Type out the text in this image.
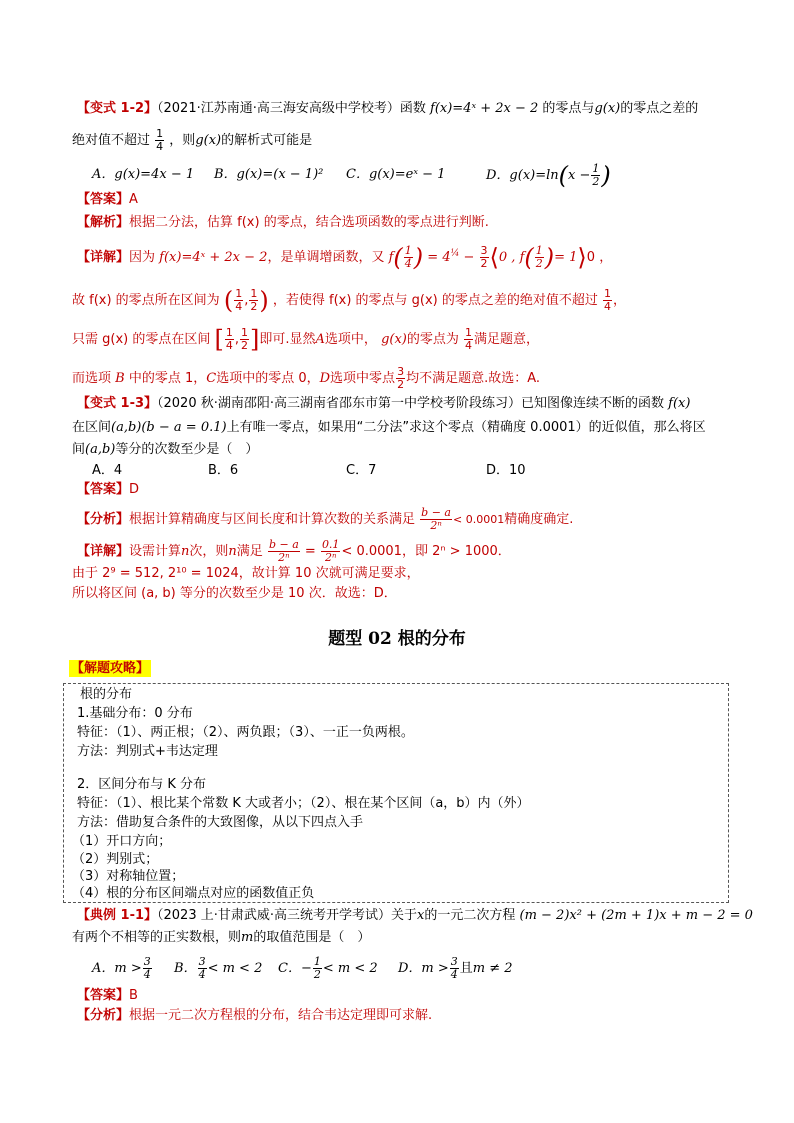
【变式 1-2】（2021·江苏南通·高三海安高级中学校考）函数 f(x)=4ˣ + 2x − 2 的零点与g(x)的零点之差的
绝对值不超过 $\frac{1}{4}$ ，则g(x)的解析式可能是
A．g(x)=4x − 1 B．g(x)=(x − 1)² C．g(x)=eˣ − 1	D．$g(x)=\ln(x - \frac{1}{2}$ )
【答案】A
【解析】根据二分法，估算 f(x) 的零点，结合选项函数的零点进行判断.
【详解】因为 f(x)=4ˣ + 2x − 2，是单调增函数，又 $f( \frac{1}{4}$ ) = $4^{\frac{1}{4}} - \frac{3}{2}$ ⟨0 , $f( \frac{1}{2}$ )= 1⟩0 ，
故 f(x) 的零点所在区间为 ( $\frac{1}{4}$ , $\frac{1}{2}$ ) ，若使得 f(x) 的零点与 g(x) 的零点之差的绝对值不超过 $\frac{1}{4}$ ，
只需 g(x) 的零点在区间 [ $\frac{1}{4}$ , $\frac{1}{2}$ ]即可.显然A选项中， g(x)的零点为 $\frac{1}{4}$ 满足题意，
而选项 B 中的零点 1，C选项中的零点 0，D选项中零点 $\frac{3}{2}$ 均不满足题意.故选：A.
【变式 1-3】（2020 秋·湖南邵阳·高三湖南省邵东市第一中学校考阶段练习）已知图像连续不断的函数 f(x)
在区间(a,b)(b − a = 0.1)上有唯一零点，如果用“二分法”求这个零点（精确度 0.0001）的近似值，那么将区
间(a,b)等分的次数至少是（　）
A．4	B．6	C．7	D．10
【答案】D
【分析】根据计算精确度与区间长度和计算次数的关系满足 $\frac{b - a}{\text{2ⁿ}} < 0.0001$精确度确定.
【详解】设需计算n次，则n满足 $\frac{b - a}{\text{2ⁿ}} = \frac{0.1}{\text{2ⁿ}} < 0.0001$，即 2ⁿ > 1000．
由于 2⁹ = 512, 2¹⁰ = 1024，故计算 10 次就可满足要求，
所以将区间 (a, b) 等分的次数至少是 10 次．故选：D．
题型 02 根的分布
【解题攻略】
根的分布
1.基础分布：0 分布
特征：（1）、两正根；（2）、两负跟；（3）、一正一负两根。
方法：判别式+韦达定理
2．区间分布与 K 分布
特征：（1）、根比某个常数 K 大或者小；（2）、根在某个区间（a，b）内（外）
方法：借助复合条件的大致图像，从以下四点入手
（1）开口方向；
（2）判别式；
（3）对称轴位置；
（4）根的分布区间端点对应的函数值正负
【典例 1-1】（2023 上·甘肃武威·高三统考开学考试）关于x的一元二次方程 (m − 2)x² + (2m + 1)x + m − 2 = 0
有两个不相等的正实数根，则m的取值范围是（　）
A．$m > \frac{3}{4}$ B． $\frac{3}{4} < m < 2$ C．− $\frac{1}{2} < m < 2$ D．$m > \frac{3}{4}$ 且m ≠ 2
【答案】B
【分析】根据一元二次方程根的分布，结合韦达定理即可求解.
